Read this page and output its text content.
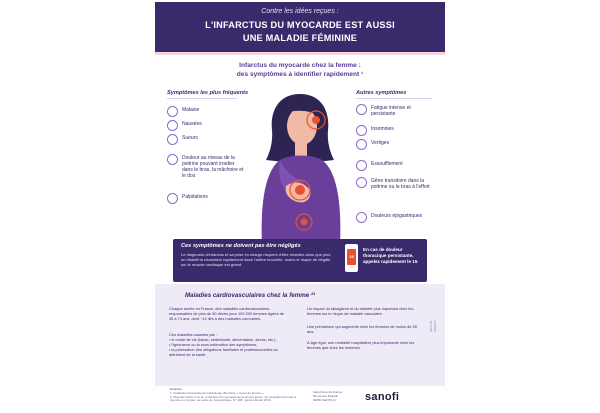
Contre les idées reçues :
L'INFARCTUS DU MYOCARDE EST AUSSI
UNE MALADIE FÉMININE
Infarctus du myocarde chez la femme :
des symptômes à identifier rapidement ¹
Symptômes les plus fréquents	Autres symptômes
Malaise
Nausées
Sueurs
Douleur au niveau de la poitrine pouvant irradier dans le bras, la mâchoire et le dos
Palpitations
Fatigue intense et persistante
Insomnies
Vertiges
Essoufflement
Gêne transitoire dans la poitrine ou le bras à l'effort
Douleurs épigastriques
Ces symptômes ne doivent pas être négligés
Le diagnostic d'infarctus et sa prise en charge risquent d'être retardés alors que plus on rétablit la circulation rapidement dans l'artère bouchée, moins le risque de dégâts sur le muscle cardiaque est grand.
15
En cas de douleur
thoracique persistante,
appelez rapidement le 15
Maladies cardiovasculaires chez la femme ²³
Chaque année en France, des maladies cardiovasculaires responsables de plus de 50 décès pour 100 000 femmes âgées de 35 à 74 ans, dont ~12 liés à des maladies coronaires.
Ces maladies causées par :
• le mode de vie (tabac, sédentarité, alimentation, stress, etc.),
• l'ignorance ou la sous-estimation des symptômes,
• la priorisation des obligations familiales et professionnelles au détriment de la santé.
Un impact du tabagisme et du diabète plus important chez les femmes sur le risque de maladie vasculaire.
Une prévalence qui augmente chez les femmes de moins de 55 ans.
À âge égal, une mortalité hospitalière plus importante chez les femmes que chez les hommes.
MAT-FR-2202227
Sources
1. Fédération Française de Cardiologie. Brochure « Cœur de femme ».
2. Mounier-Vehier C et al. L'infarctus du myocarde de la femme jeune : de nouvelles données à prendre en compte. La Lettre du Gynécologue. N° 408 - janvier-février 2016.
Sanofi Aventis France
82 avenue Raspail
94250 GENTILLY	sanofi
